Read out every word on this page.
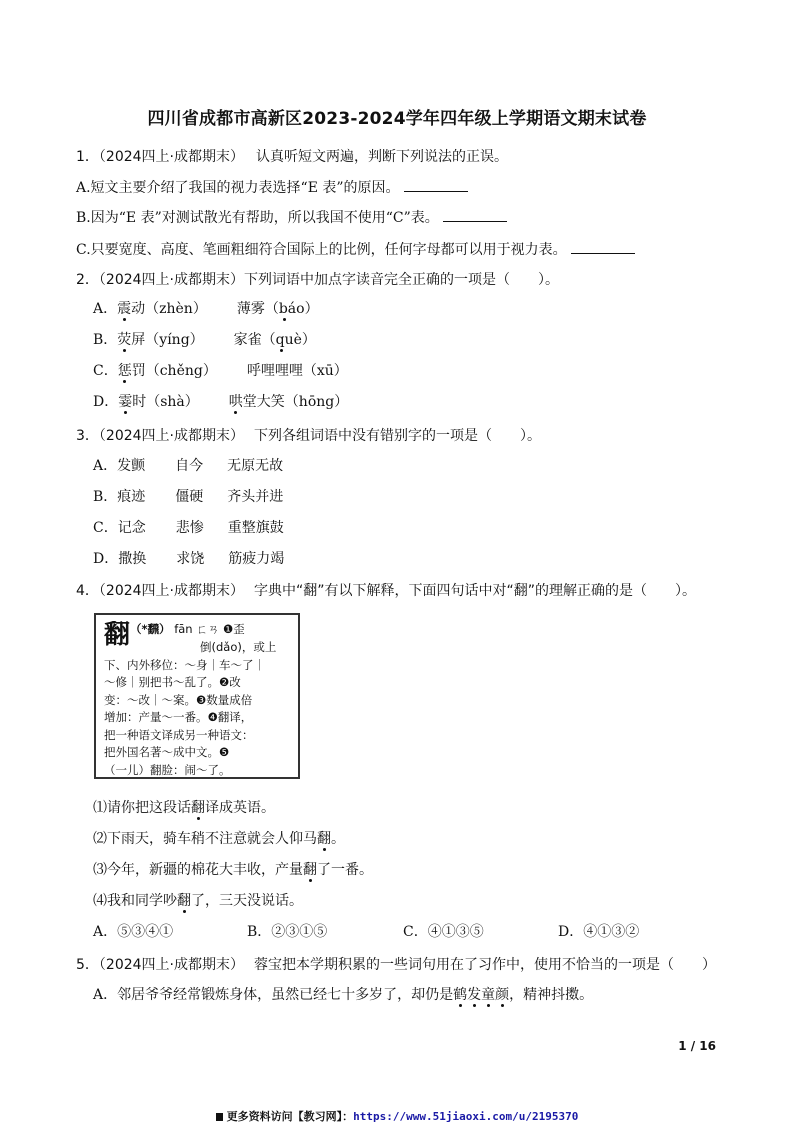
四川省成都市高新区2023-2024学年四年级上学期语文期末试卷
1．（2024四上·成都期末） 认真听短文两遍，判断下列说法的正误。
A.短文主要介绍了我国的视力表选择“E 表”的原因。
B.因为“E 表”对测试散光有帮助，所以我国不使用“C”表。
C.只要宽度、高度、笔画粗细符合国际上的比例，任何字母都可以用于视力表。
2．（2024四上·成都期末）下列词语中加点字读音完全正确的一项是（　　）。
A．震动（zhèn） 薄雾（báo）
B．荧屏（yíng） 家雀（què）
C．惩罚（chěng） 呼哩哩哩（xū）
D．霎时（shà） 哄堂大笑（hōng）
3．（2024四上·成都期末） 下列各组词语中没有错别字的一项是（　　）。
A．发颤 自今 无原无故
B．痕迹 僵硬 齐头并进
C．记念 悲惨 重整旗鼓
D．撒换 求饶 筋疲力竭
4．（2024四上·成都期末） 字典中“翻”有以下解释，下面四句话中对“翻”的理解正确的是（　　）。
翻（*飜） fān ㄈㄢ ❶歪
倒(dǎo)，或上
下、内外移位：～身｜车～了｜
～修｜别把书～乱了。❷改
变：～改｜～案。❸数量成倍
增加：产量～一番。❹翻译，
把一种语文译成另一种语文：
把外国名著～成中文。❺
（一儿）翻脸：闹～了。
⑴请你把这段话翻译成英语。
⑵下雨天，骑车稍不注意就会人仰马翻。
⑶今年，新疆的棉花大丰收，产量翻了一番。
⑷我和同学吵翻了，三天没说话。
A．⑤③④①	B．②③①⑤	C．④①③⑤	D．④①③②
5．（2024四上·成都期末） 蓉宝把本学期积累的一些词句用在了习作中，使用不恰当的一项是（　　）
A．邻居爷爷经常锻炼身体，虽然已经七十多岁了，却仍是鹤发童颜，精神抖擞。
1 / 16
更多资料访问【教习网】：https://www.51jiaoxi.com/u/2195370
